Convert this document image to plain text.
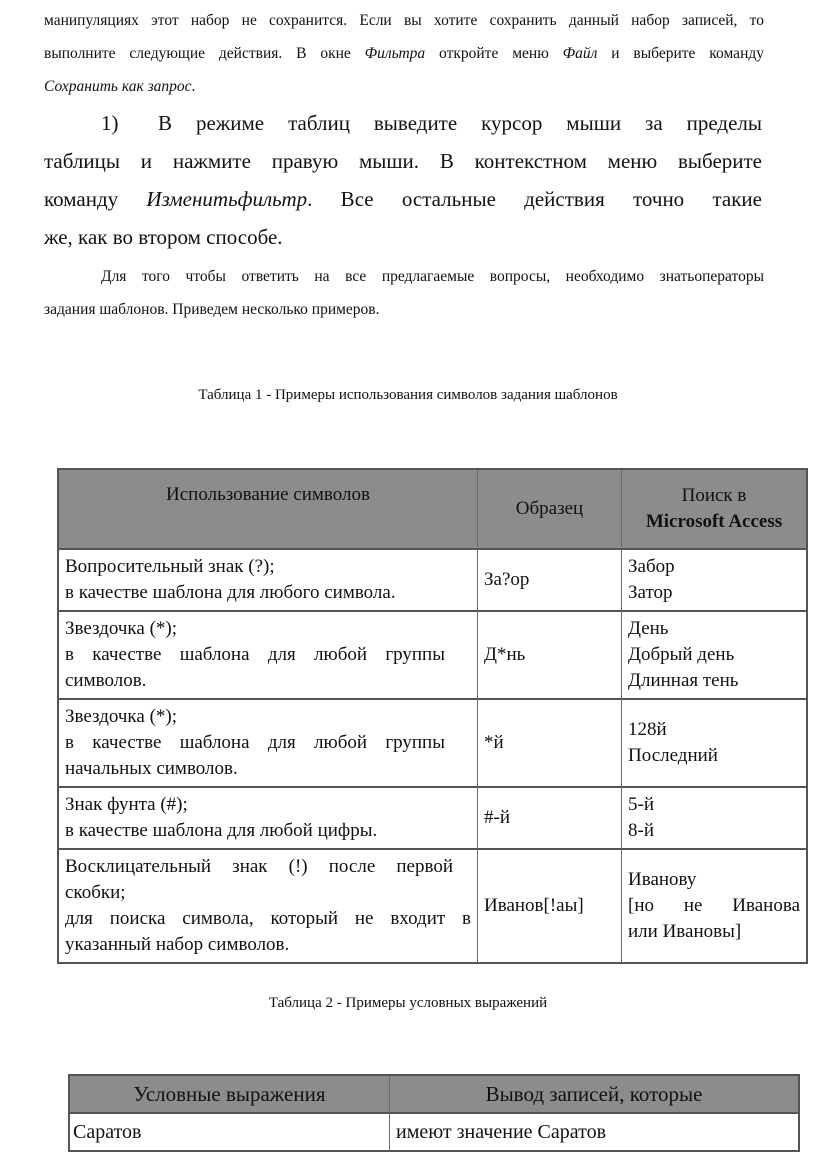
манипуляциях этот набор не сохранится. Если вы хотите сохранить данный набор записей, то
выполните следующие действия. В окне Фильтра откройте меню Файл и выберите команду
Сохранить как запрос.
1) В режиме таблиц выведите курсор мыши за пределы
таблицы и нажмите правую мыши. В контекстном меню выберите
команду Изменитьфильтр. Все остальные действия точно такие
же, как во втором способе.
Для того чтобы ответить на все предлагаемые вопросы, необходимо знатьоператоры
задания шаблонов. Приведем несколько примеров.
Таблица 1 - Примеры использования символов задания шаблонов
Использование символов	Образец	Поиск в
Microsoft Access

Вопросительный знак (?);
в качестве шаблона для любого символа.	За?ор	Забор
Затор

Звездочка (*);
в качестве шаблона для любой группы
символов.	Д*нь	День
Добрый день
Длинная тень

Звездочка (*);
в качестве шаблона для любой группы
начальных символов.	*й	128й
Последний

Знак фунта (#);
в качестве шаблона для любой цифры.	#-й	5-й
8-й

Восклицательный знак (!) после первой
скобки;
для поиска символа, который не входит в
указанный набор символов.	Иванов[!аы]	Иванову
[но не Иванова
или Ивановы]
Таблица 2 - Примеры условных выражений
Условные выражения	Вывод записей, которые
Саратов	имеют значение Саратов
